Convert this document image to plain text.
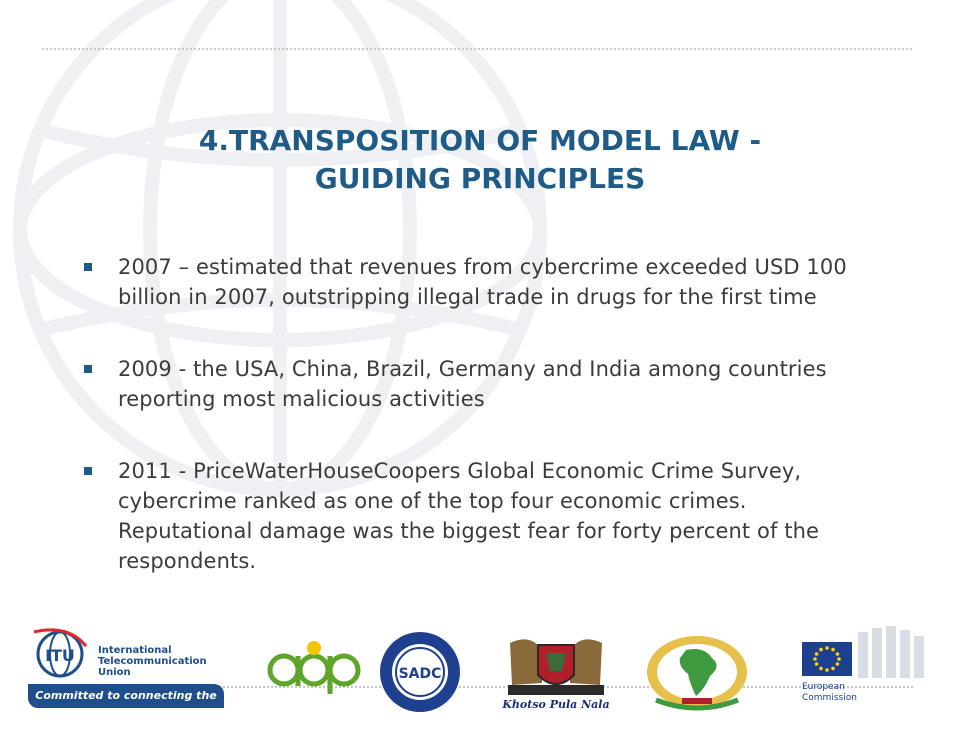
4.TRANSPOSITION OF MODEL LAW -
GUIDING PRINCIPLES
2007 – estimated that revenues from cybercrime exceeded USD 100 billion in 2007, outstripping illegal trade in drugs for the first time
2009 - the USA, China, Brazil, Germany and India among countries reporting most malicious activities
2011 - PriceWaterHouseCoopers Global Economic Crime Survey, cybercrime ranked as one of the top four economic crimes. Reputational damage was the biggest fear for forty percent of the respondents.
ITU International
Telecommunication
Union
Committed to connecting the world
SADC
Khotso Pula Nala
European
Commission
